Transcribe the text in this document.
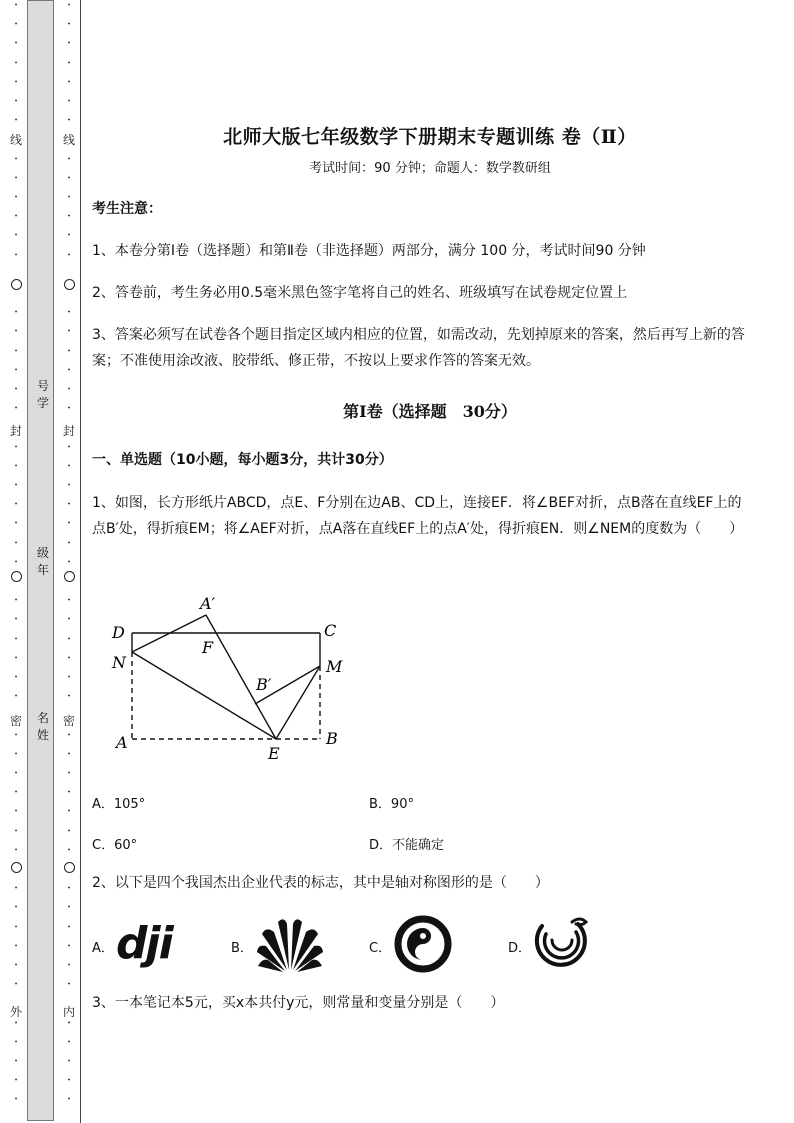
•
•
•
•
•
•
•
•
•
•
•
•
•
•
•
•
•
•
•
•
•
•
•
•
•
•
•
•
•
•
•
•
•
•
•
•
•
•
•
•
•
•
•
•
•
•
•
•
•
•
线
封
密
外
•
•
•
•
•
•
•
•
•
•
•
•
•
•
•
•
•
•
•
•
•
•
•
•
•
•
•
•
•
•
•
•
•
•
•
•
•
•
•
•
•
•
•
•
•
•
•
•
•
•
线
封
密
内
号学
级年
名姓
北师大版七年级数学下册期末专题训练 卷（Ⅱ）
考试时间：90 分钟；命题人：数学教研组
考生注意：
1、本卷分第Ⅰ卷（选择题）和第Ⅱ卷（非选择题）两部分，满分 100 分，考试时间90 分钟
2、答卷前，考生务必用0.5毫米黑色签字笔将自己的姓名、班级填写在试卷规定位置上
3、答案必须写在试卷各个题目指定区域内相应的位置，如需改动，先划掉原来的答案，然后再写上新的答案；不准使用涂改液、胶带纸、修正带，不按以上要求作答的答案无效。
第Ⅰ卷（选择题　30分）
一、单选题（10小题，每小题3分，共计30分）
1、如图，长方形纸片ABCD，点E、F分别在边AB、CD上，连接EF．将∠BEF对折，点B落在直线EF上的点B′处，得折痕EM；将∠AEF对折，点A落在直线EF上的点A′处，得折痕EN．则∠NEM的度数为（　　）
D
N
C
M
A′
F
B′
A	B
E
A．105°	B．90°
C．60°	D．不能确定
2、以下是四个我国杰出企业代表的标志，其中是轴对称图形的是（　　）
A． dji	B．	C．	D．
3、一本笔记本5元，买x本共付y元，则常量和变量分别是（　　）
